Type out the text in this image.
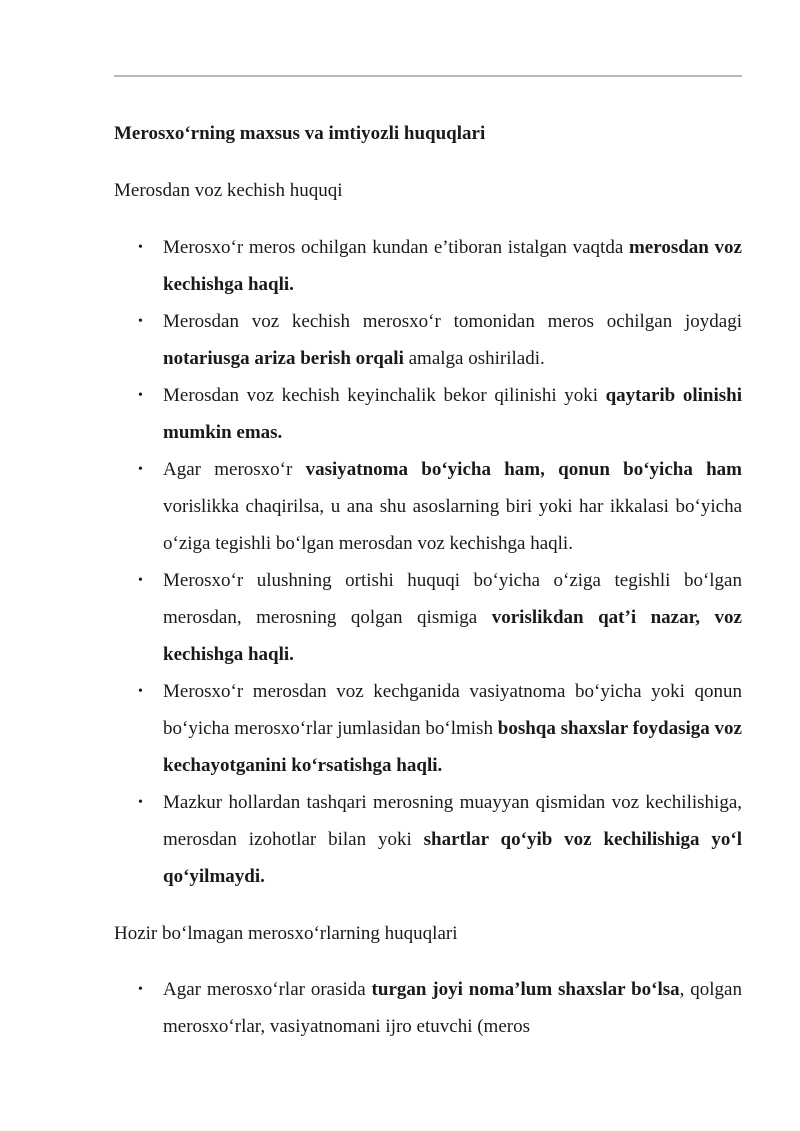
Merosxoʻrning maxsus va imtiyozli huquqlari
Merosdan voz kechish huquqi
• Merosxoʻr meros ochilgan kundan e’tiboran istalgan vaqtda merosdan voz kechishga haqli.
• Merosdan voz kechish merosxoʻr tomonidan meros ochilgan joydagi notariusga ariza berish orqali amalga oshiriladi.
• Merosdan voz kechish keyinchalik bekor qilinishi yoki qaytarib olinishi mumkin emas.
• Agar merosxoʻr vasiyatnoma boʻyicha ham, qonun boʻyicha ham vorislikka chaqirilsa, u ana shu asoslarning biri yoki har ikkalasi boʻyicha oʻziga tegishli boʻlgan merosdan voz kechishga haqli.
• Merosxoʻr ulushning ortishi huquqi boʻyicha oʻziga tegishli boʻlgan merosdan, merosning qolgan qismiga vorislikdan qat’i nazar, voz kechishga haqli.
• Merosxoʻr merosdan voz kechganida vasiyatnoma boʻyicha yoki qonun boʻyicha merosxoʻrlar jumlasidan boʻlmish boshqa shaxslar foydasiga voz kechayotganini koʻrsatishga haqli.
• Mazkur hollardan tashqari merosning muayyan qismidan voz kechilishiga, merosdan izohotlar bilan yoki shartlar qoʻyib voz kechilishiga yoʻl qoʻyilmaydi.
Hozir boʻlmagan merosxoʻrlarning huquqlari
• Agar merosxoʻrlar orasida turgan joyi noma’lum shaxslar boʻlsa, qolgan merosxoʻrlar, vasiyatnomani ijro etuvchi (meros
